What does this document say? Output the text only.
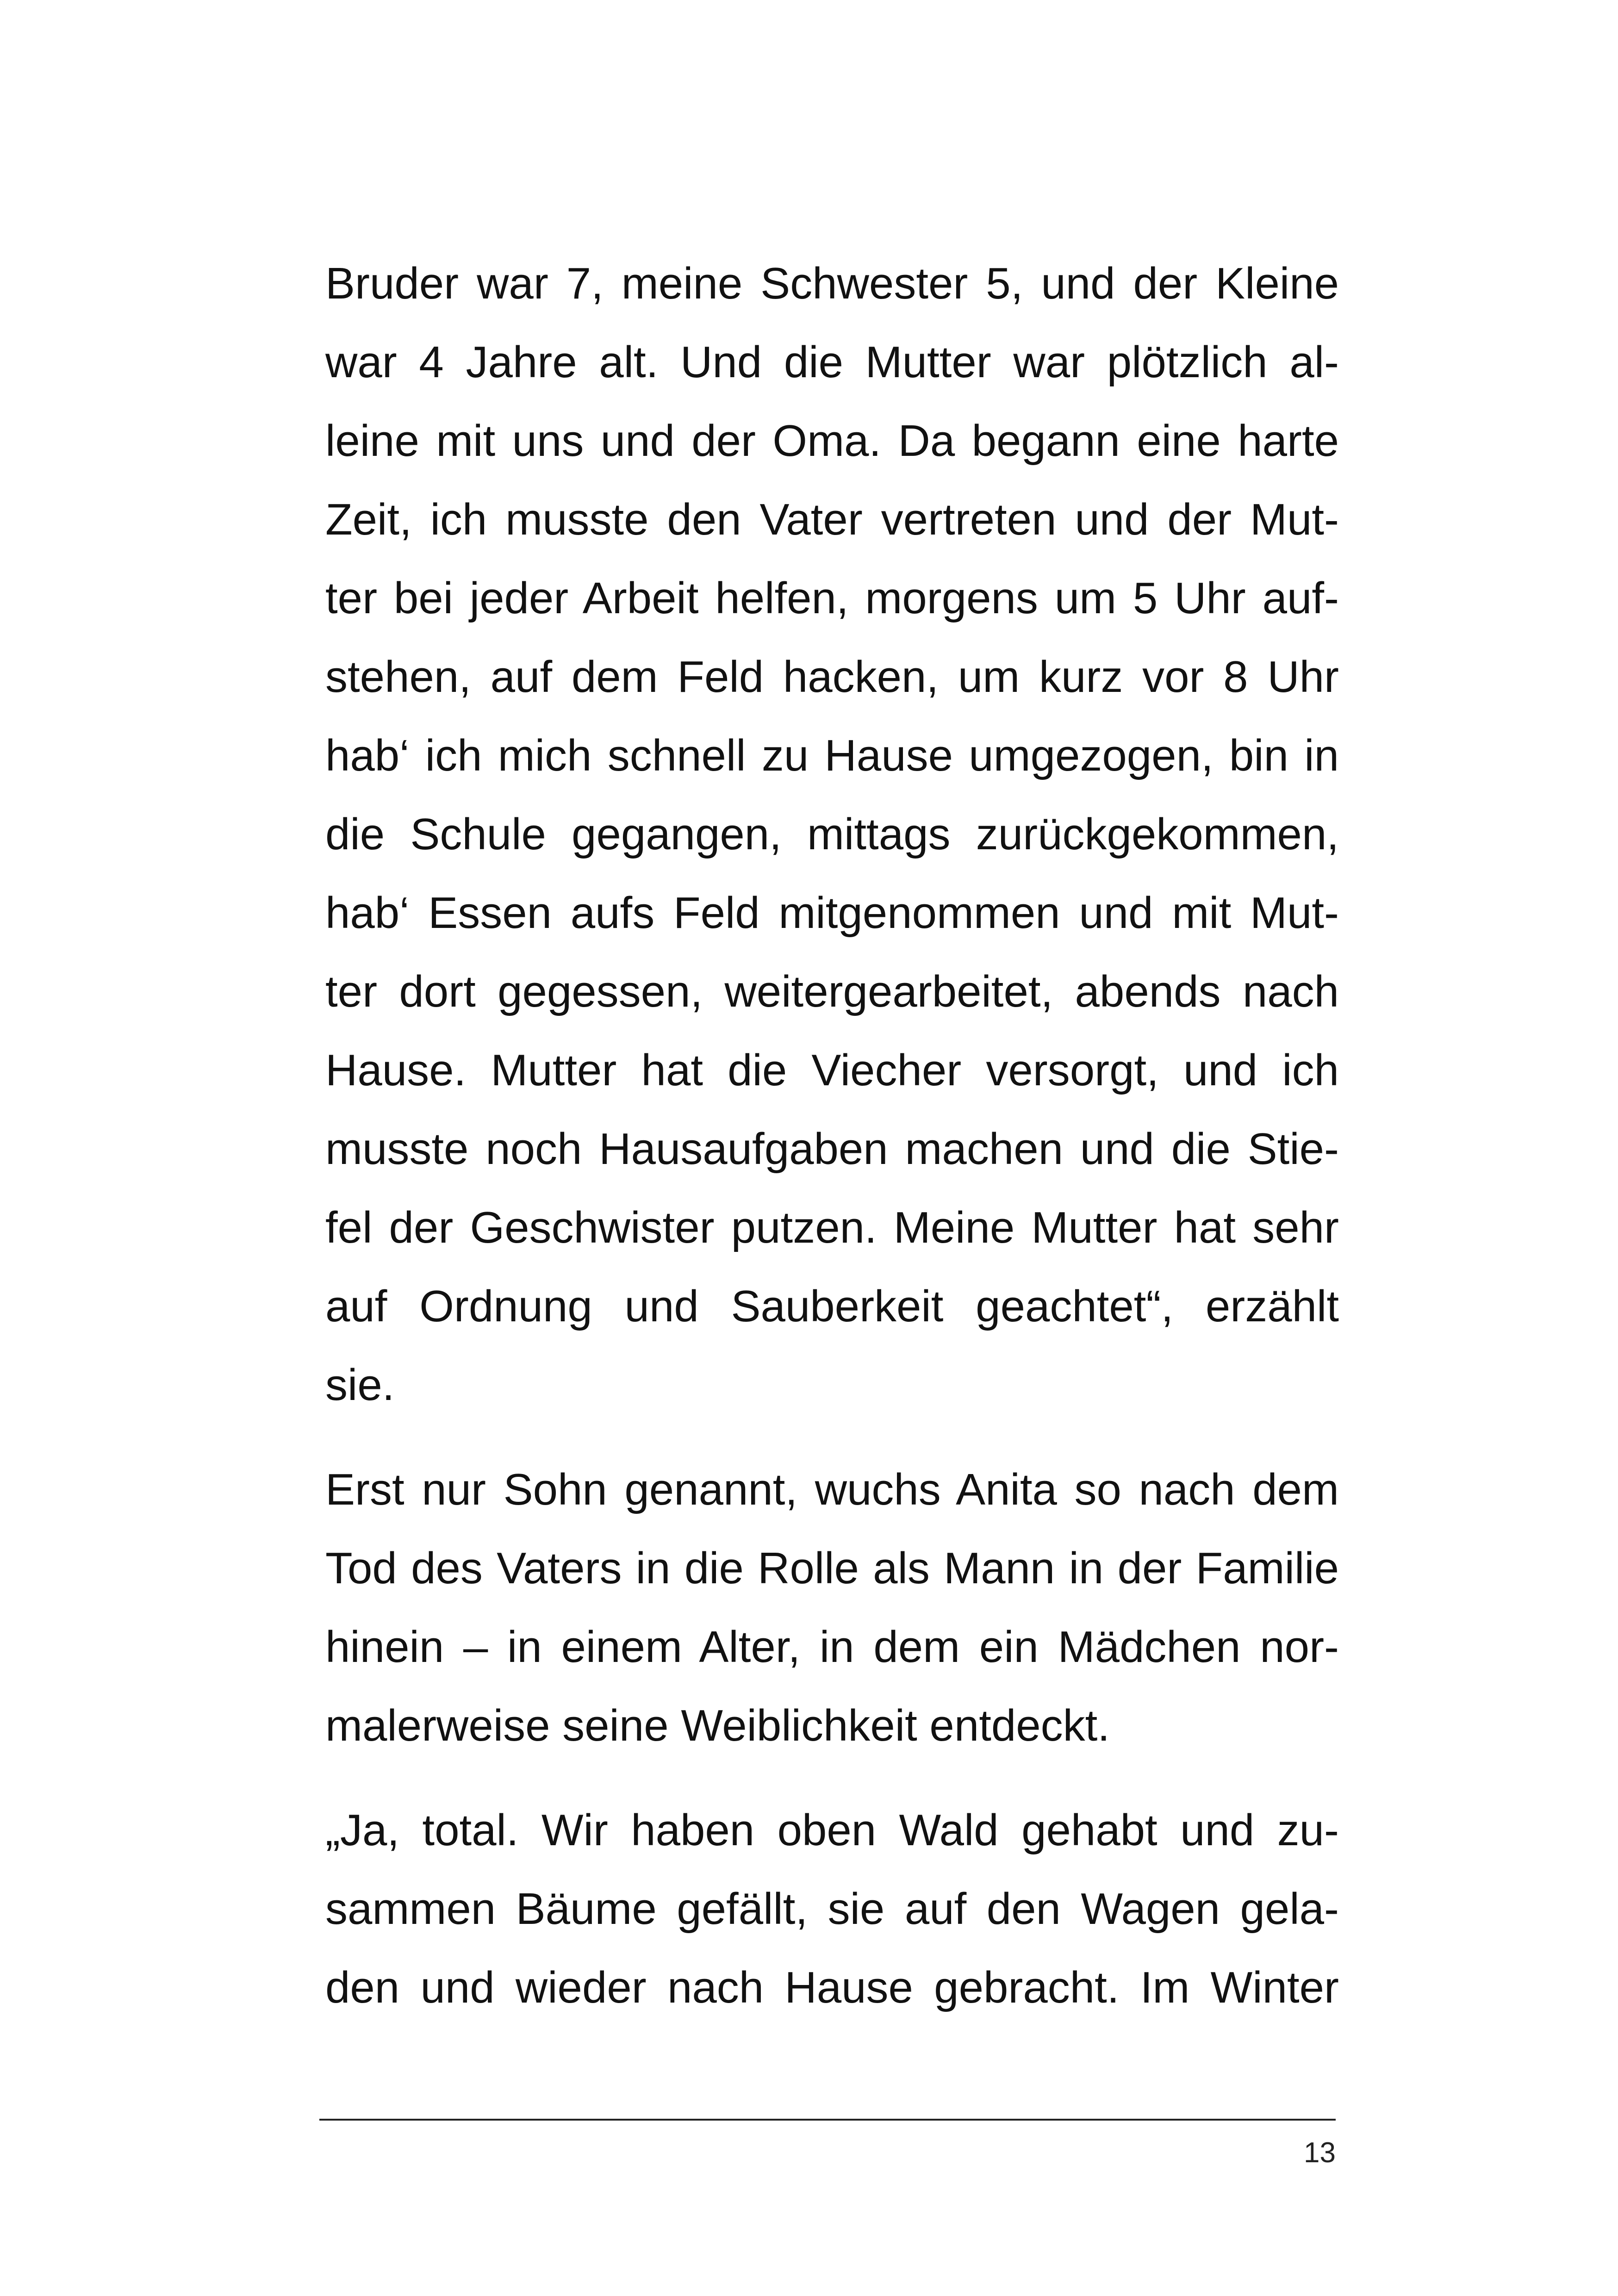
Bruder war 7, meine Schwester 5, und der Kleine
war 4 Jahre alt. Und die Mutter war plötzlich al-
leine mit uns und der Oma. Da begann eine harte
Zeit, ich musste den Vater vertreten und der Mut-
ter bei jeder Arbeit helfen, morgens um 5 Uhr auf-
stehen, auf dem Feld hacken, um kurz vor 8 Uhr
hab‘ ich mich schnell zu Hause umgezogen, bin in
die Schule gegangen, mittags zurückgekommen,
hab‘ Essen aufs Feld mitgenommen und mit Mut-
ter dort gegessen, weitergearbeitet, abends nach
Hause. Mutter hat die Viecher versorgt, und ich
musste noch Hausaufgaben machen und die Stie-
fel der Geschwister putzen. Meine Mutter hat sehr
auf Ordnung und Sauberkeit geachtet“, erzählt
sie.
Erst nur Sohn genannt, wuchs Anita so nach dem
Tod des Vaters in die Rolle als Mann in der Familie
hinein – in einem Alter, in dem ein Mädchen nor-
malerweise seine Weiblichkeit entdeckt.
„Ja, total. Wir haben oben Wald gehabt und zu-
sammen Bäume gefällt, sie auf den Wagen gela-
den und wieder nach Hause gebracht. Im Winter
13
